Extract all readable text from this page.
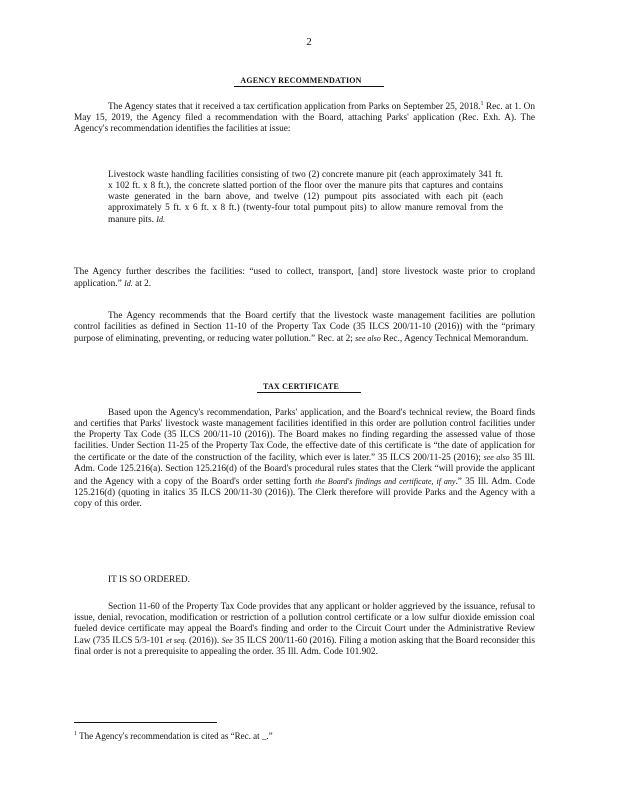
2
AGENCY RECOMMENDATION

The Agency states that it received a tax certification application from Parks on September 25, 2018.$^1$ Rec. at 1. On May 15, 2019, the Agency filed a recommendation with the Board, attaching Parks' application (Rec. Exh. A). The Agency's recommendation identifies the facilities at issue:

Livestock waste handling facilities consisting of two (2) concrete manure pit (each approximately 341 ft. x 102 ft. x 8 ft.), the concrete slatted portion of the floor over the manure pits that captures and contains waste generated in the barn above, and twelve (12) pumpout pits associated with each pit (each approximately 5 ft. x 6 ft. x 8 ft.) (twenty-four total pumpout pits) to allow manure removal from the manure pits. Id.

The Agency further describes the facilities: “used to collect, transport, [and] store livestock waste prior to cropland application.” Id. at 2.

The Agency recommends that the Board certify that the livestock waste management facilities are pollution control facilities as defined in Section 11-10 of the Property Tax Code (35 ILCS 200/11-10 (2016)) with the “primary purpose of eliminating, preventing, or reducing water pollution.” Rec. at 2; see also Rec., Agency Technical Memorandum.

TAX CERTIFICATE

Based upon the Agency's recommendation, Parks' application, and the Board's technical review, the Board finds and certifies that Parks' livestock waste management facilities identified in this order are pollution control facilities under the Property Tax Code (35 ILCS 200/11-10 (2016)). The Board makes no finding regarding the assessed value of those facilities. Under Section 11-25 of the Property Tax Code, the effective date of this certificate is “the date of application for the certificate or the date of the construction of the facility, which ever is later.” 35 ILCS 200/11-25 (2016); see also 35 Ill. Adm. Code 125.216(a). Section 125.216(d) of the Board's procedural rules states that the Clerk “will provide the applicant and the Agency with a copy of the Board's order setting forth the Board's findings and certificate, if any.” 35 Ill. Adm. Code 125.216(d) (quoting in italics 35 ILCS 200/11-30 (2016)). The Clerk therefore will provide Parks and the Agency with a copy of this order.

IT IS SO ORDERED.

Section 11-60 of the Property Tax Code provides that any applicant or holder aggrieved by the issuance, refusal to issue, denial, revocation, modification or restriction of a pollution control certificate or a low sulfur dioxide emission coal fueled device certificate may appeal the Board's finding and order to the Circuit Court under the Administrative Review Law (735 ILCS 5/3-101 et seq. (2016)). See 35 ILCS 200/11-60 (2016). Filing a motion asking that the Board reconsider this final order is not a prerequisite to appealing the order. 35 Ill. Adm. Code 101.902.

$^1$ The Agency's recommendation is cited as “Rec. at _.”
